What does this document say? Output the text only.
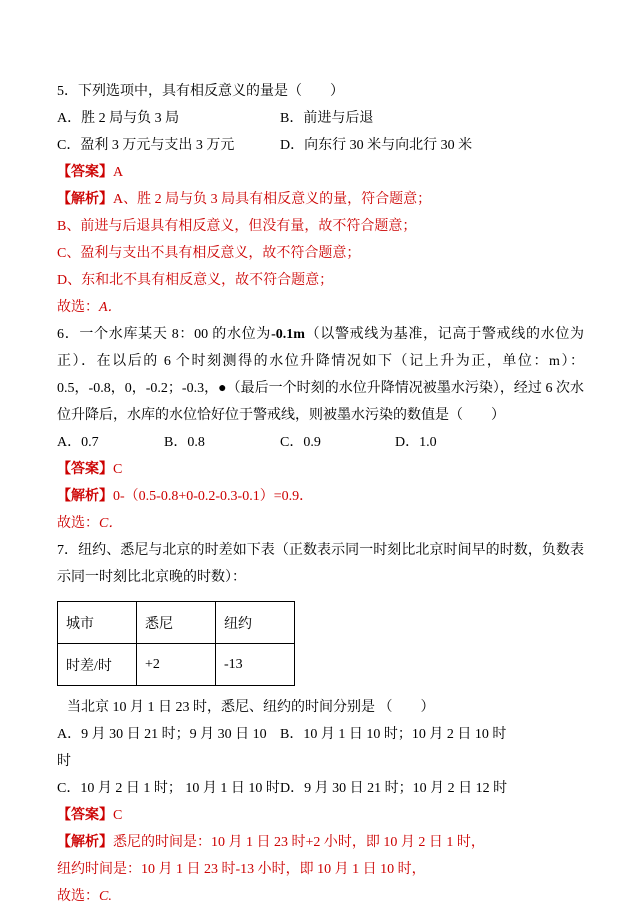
5．下列选项中，具有相反意义的量是（　　）

A．胜 2 局与负 3 局	B．前进与后退
C．盈利 3 万元与支出 3 万元	D．向东行 30 米与向北行 30 米

【答案】A

【解析】A、胜 2 局与负 3 局具有相反意义的量，符合题意；

B、前进与后退具有相反意义，但没有量，故不符合题意；

C、盈利与支出不具有相反意义，故不符合题意；

D、东和北不具有相反意义，故不符合题意；

故选：A．

6．一个水库某天 8：00 的水位为-0.1m（以警戒线为基准，记高于警戒线的水位为正）．在以后的 6 个时刻测得的水位升降情况如下（记上升为正，单位：m）：0.5，-0.8，0，-0.2；-0.3，●（最后一个时刻的水位升降情况被墨水污染），经过 6 次水位升降后，水库的水位恰好位于警戒线，则被墨水污染的数值是（　　）

A．0.7	B．0.8	C．0.9	D．1.0

【答案】C

【解析】0-（0.5-0.8+0-0.2-0.3-0.1）=0.9．

故选：C．

7．纽约、悉尼与北京的时差如下表（正数表示同一时刻比北京时间早的时数，负数表示同一时刻比北京晚的时数）：

城市	悉尼	纽约
时差/时	+2	-13

当北京 10 月 1 日 23 时，悉尼、纽约的时间分别是 （　　）

A．9 月 30 日 21 时；9 月 30 日 10 时
B．10 月 1 日 10 时；10 月 2 日 10 时
C．10 月 2 日 1 时； 10 月 1 日 10 时 D．9 月 30 日 21 时；10 月 2 日 12 时

【答案】C

【解析】悉尼的时间是：10 月 1 日 23 时+2 小时，即 10 月 2 日 1 时，

纽约时间是：10 月 1 日 23 时-13 小时，即 10 月 1 日 10 时，

故选：C.
